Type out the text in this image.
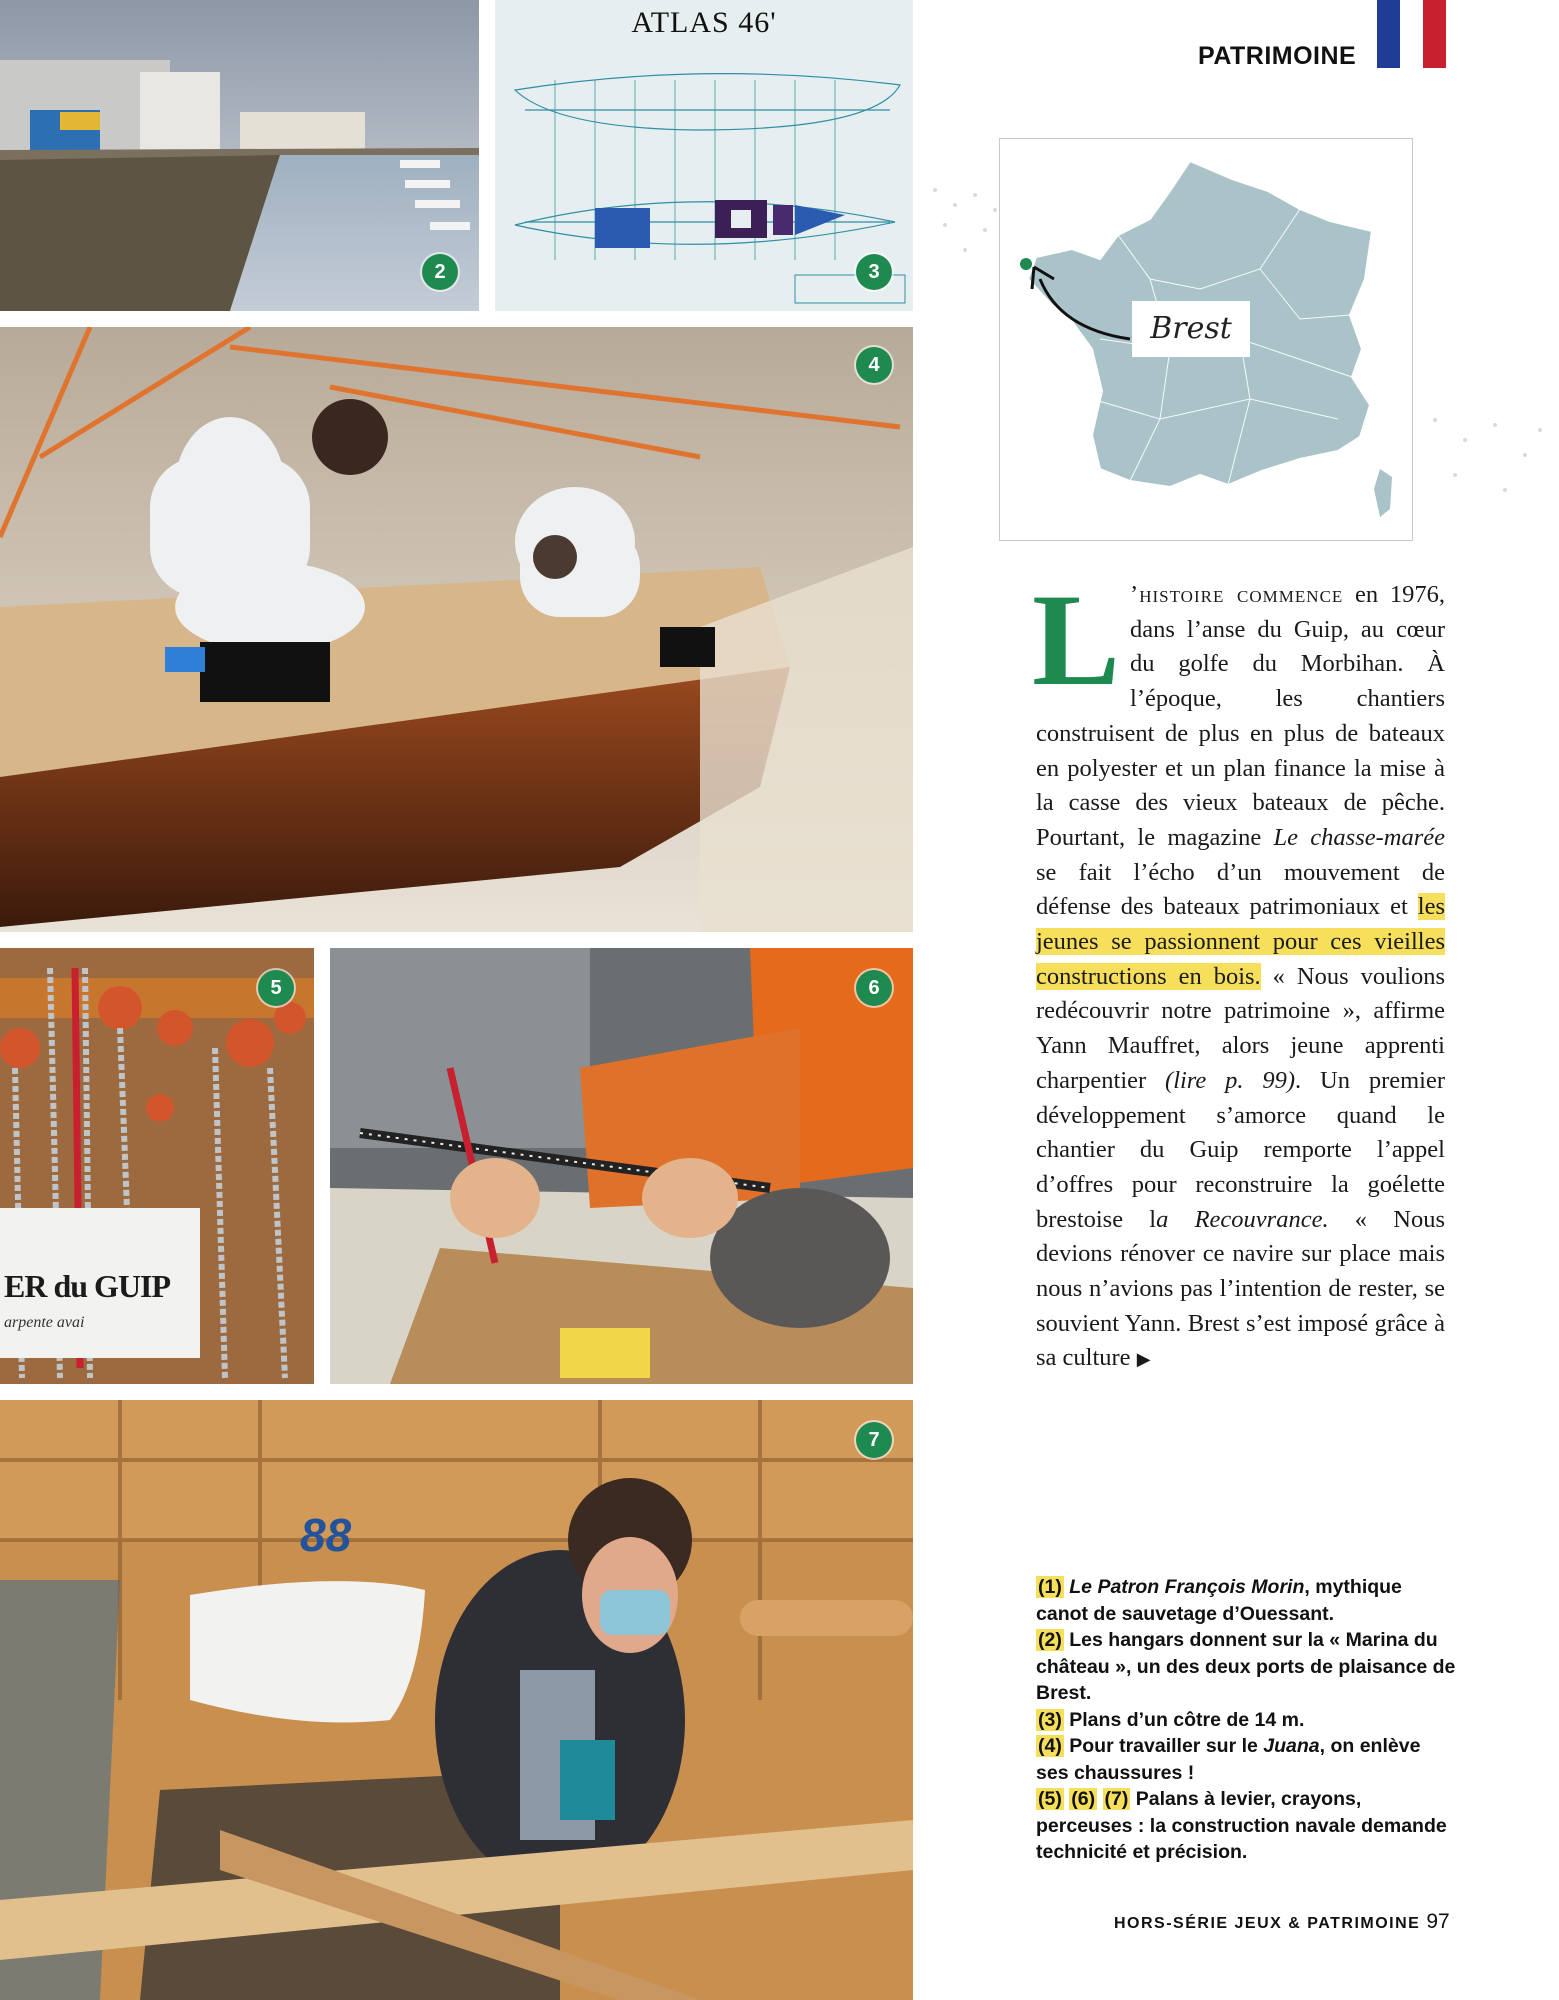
2
ATLAS 46'
3
4
ER du GUIP
arpente avai
5	6
88
7
PATRIMOINE
Brest
L ’histoire commence en 1976, dans l’anse du Guip, au cœur du golfe du Morbihan. À l’époque, les chantiers construisent de plus en plus de bateaux en polyester et un plan finance la mise à la casse des vieux bateaux de pêche. Pourtant, le magazine Le chasse-marée se fait l’écho d’un mouvement de défense des bateaux patrimoniaux et les jeunes se passionnent pour ces vieilles constructions en bois. « Nous voulions redécouvrir notre patrimoine », affirme Yann Mauffret, alors jeune apprenti charpentier (lire p. 99). Un premier développement s’amorce quand le chantier du Guip remporte l’appel d’offres pour reconstruire la goélette brestoise la Recouvrance. « Nous devions rénover ce navire sur place mais nous n’avions pas l’intention de rester, se souvient Yann. Brest s’est imposé grâce à sa culture ▶
(1) Le Patron François Morin, mythique canot de sauvetage d’Ouessant.
(2) Les hangars donnent sur la « Marina du château », un des deux ports de plaisance de Brest.
(3) Plans d’un côtre de 14 m.
(4) Pour travailler sur le Juana, on enlève ses chaussures !
(5) (6) (7) Palans à levier, crayons, perceuses : la construction navale demande technicité et précision.
HORS-SÉRIE JEUX & PATRIMOINE 97
